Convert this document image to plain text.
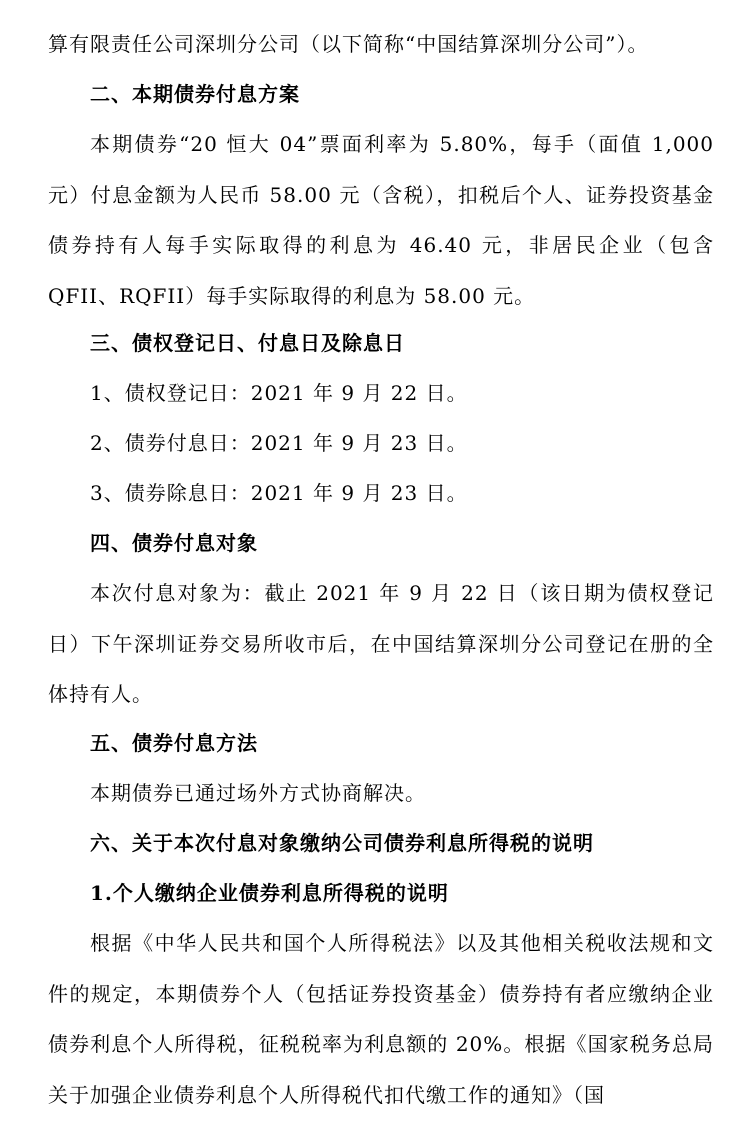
算有限责任公司深圳分公司（以下简称“中国结算深圳分公司”）。
二、本期债券付息方案
本期债券“20 恒大 04”票面利率为 5.80%，每手（面值 1,000 元）付息金额为人民币 58.00 元（含税），扣税后个人、证券投资基金债券持有人每手实际取得的利息为 46.40 元，非居民企业（包含 QFII、RQFII）每手实际取得的利息为 58.00 元。
三、债权登记日、付息日及除息日
1、债权登记日：2021 年 9 月 22 日。
2、债券付息日：2021 年 9 月 23 日。
3、债券除息日：2021 年 9 月 23 日。
四、债券付息对象
本次付息对象为：截止 2021 年 9 月 22 日（该日期为债权登记日）下午深圳证券交易所收市后，在中国结算深圳分公司登记在册的全体持有人。
五、债券付息方法
本期债券已通过场外方式协商解决。
六、关于本次付息对象缴纳公司债券利息所得税的说明
1.个人缴纳企业债券利息所得税的说明
根据《中华人民共和国个人所得税法》以及其他相关税收法规和文件的规定，本期债券个人（包括证券投资基金）债券持有者应缴纳企业债券利息个人所得税，征税税率为利息额的 20%。根据《国家税务总局关于加强企业债券利息个人所得税代扣代缴工作的通知》（国
